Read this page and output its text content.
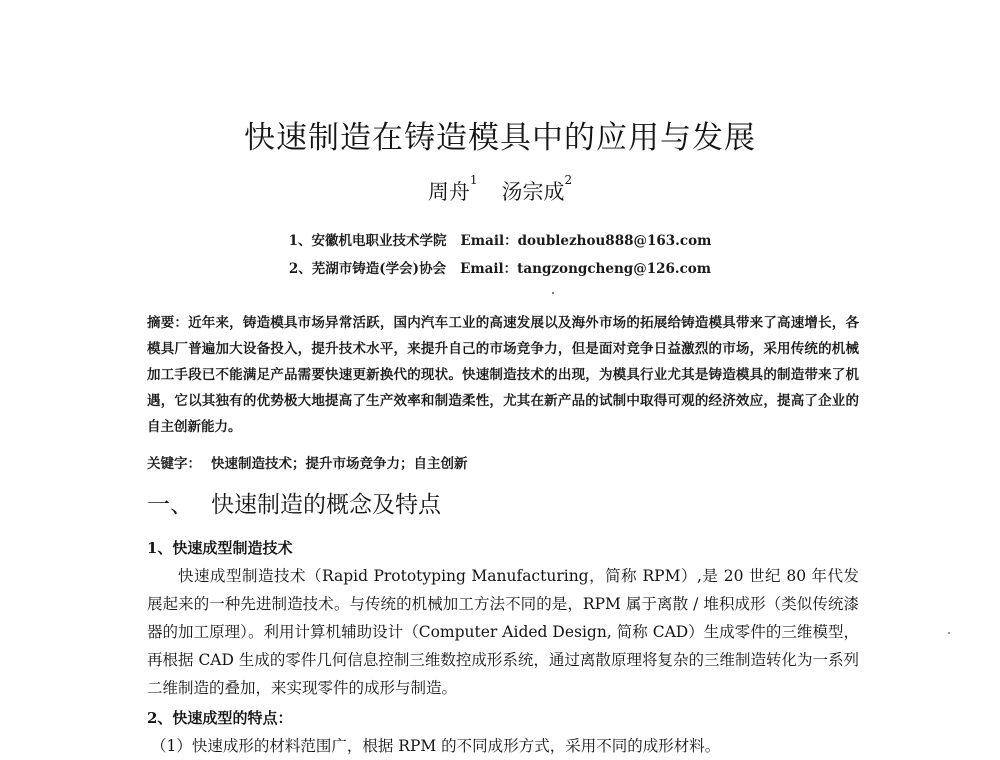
快速制造在铸造模具中的应用与发展
周舟$^1$ 汤宗成$^2$
1、安徽机电职业技术学院 Email：doublezhou888@163.com
2、芜湖市铸造(学会)协会 Email：tangzongcheng@126.com
摘要：近年来，铸造模具市场异常活跃，国内汽车工业的高速发展以及海外市场的拓展给铸造模具带来了高速增长，各模具厂普遍加大设备投入，提升技术水平，来提升自己的市场竞争力，但是面对竞争日益激烈的市场，采用传统的机械加工手段已不能满足产品需要快速更新换代的现状。快速制造技术的出现，为模具行业尤其是铸造模具的制造带来了机遇，它以其独有的优势极大地提高了生产效率和制造柔性，尤其在新产品的试制中取得可观的经济效应，提高了企业的自主创新能力。
关键字： 快速制造技术；提升市场竞争力；自主创新
一、 快速制造的概念及特点
1、快速成型制造技术
快速成型制造技术（Rapid Prototyping Manufacturing，简称 RPM）,是 20 世纪 80 年代发展起来的一种先进制造技术。与传统的机械加工方法不同的是，RPM 属于离散 / 堆积成形（类似传统漆器的加工原理）。利用计算机辅助设计（Computer Aided Design, 简称 CAD）生成零件的三维模型，再根据 CAD 生成的零件几何信息控制三维数控成形系统，通过离散原理将复杂的三维制造转化为一系列二维制造的叠加，来实现零件的成形与制造。
2、快速成型的特点：
（1）快速成形的材料范围广，根据 RPM 的不同成形方式，采用不同的成形材料。
